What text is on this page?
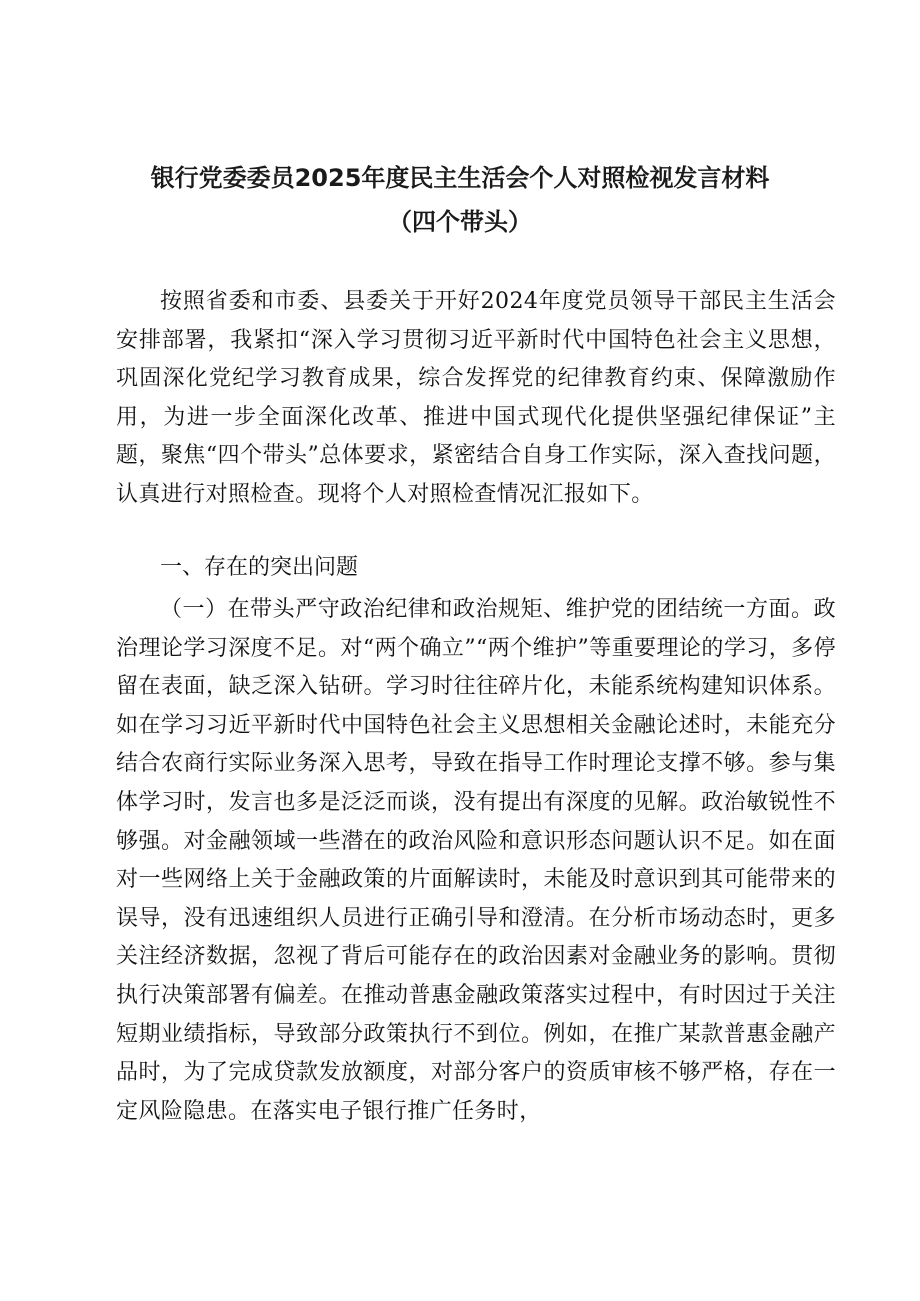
银行党委委员2025年度民主生活会个人对照检视发言材料
（四个带头）
按照省委和市委、县委关于开好2024年度党员领导干部民主生活会安排部署，我紧扣“深入学习贯彻习近平新时代中国特色社会主义思想，巩固深化党纪学习教育成果，综合发挥党的纪律教育约束、保障激励作用，为进一步全面深化改革、推进中国式现代化提供坚强纪律保证”主题，聚焦“四个带头”总体要求，紧密结合自身工作实际，深入查找问题，认真进行对照检查。现将个人对照检查情况汇报如下。
一、存在的突出问题
（一）在带头严守政治纪律和政治规矩、维护党的团结统一方面。政治理论学习深度不足。对“两个确立”“两个维护”等重要理论的学习，多停留在表面，缺乏深入钻研。学习时往往碎片化，未能系统构建知识体系。如在学习习近平新时代中国特色社会主义思想相关金融论述时，未能充分结合农商行实际业务深入思考，导致在指导工作时理论支撑不够。参与集体学习时，发言也多是泛泛而谈，没有提出有深度的见解。政治敏锐性不够强。对金融领域一些潜在的政治风险和意识形态问题认识不足。如在面对一些网络上关于金融政策的片面解读时，未能及时意识到其可能带来的误导，没有迅速组织人员进行正确引导和澄清。在分析市场动态时，更多关注经济数据，忽视了背后可能存在的政治因素对金融业务的影响。贯彻执行决策部署有偏差。在推动普惠金融政策落实过程中，有时因过于关注短期业绩指标，导致部分政策执行不到位。例如，在推广某款普惠金融产品时，为了完成贷款发放额度，对部分客户的资质审核不够严格，存在一定风险隐患。在落实电子银行推广任务时，
